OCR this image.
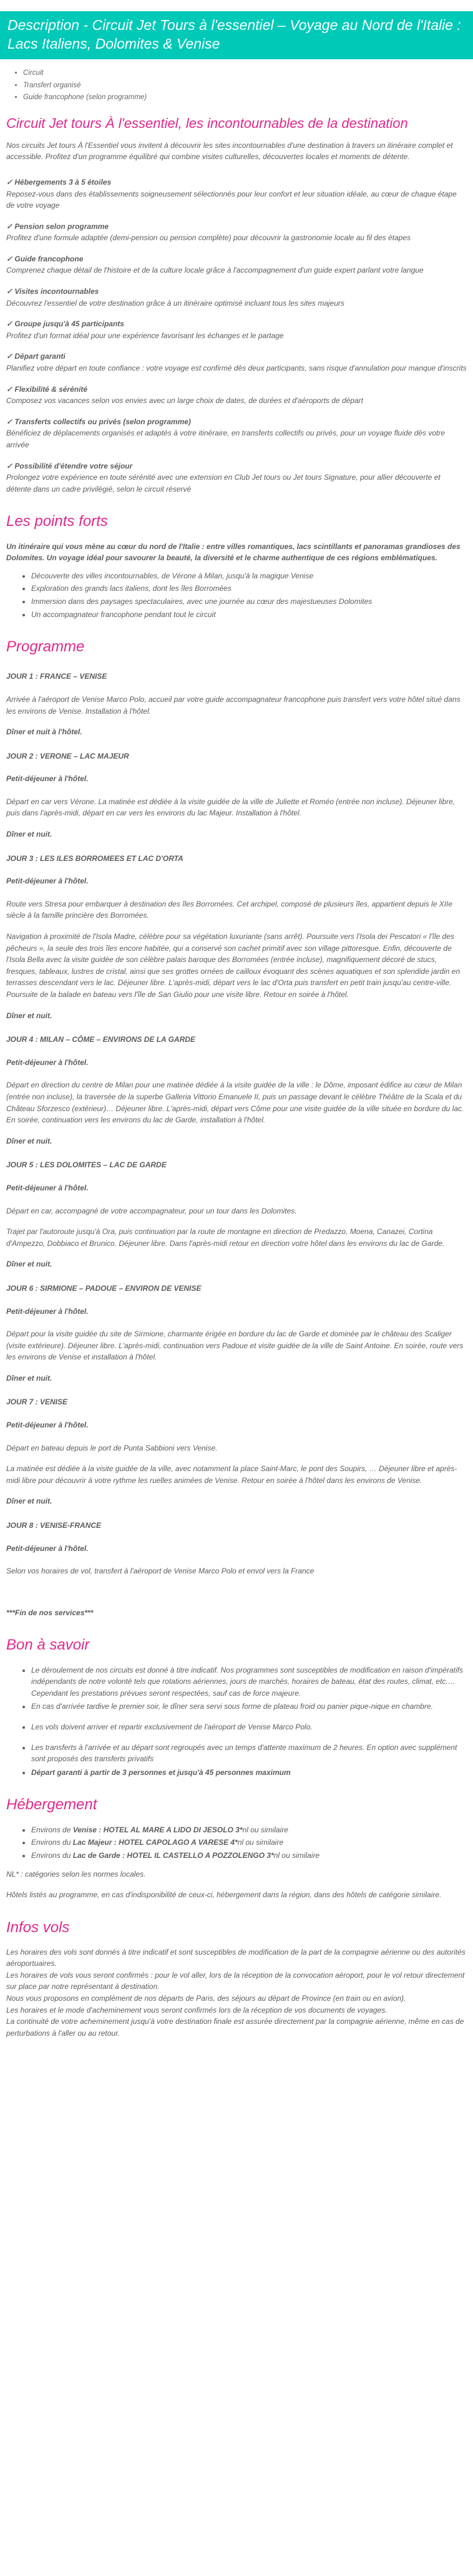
Description - Circuit Jet Tours à l'essentiel – Voyage au Nord de l'Italie : Lacs Italiens, Dolomites & Venise
• Circuit
• Transfert organisé
• Guide francophone (selon programme)
Circuit Jet tours À l'essentiel, les incontournables de la destination

Nos circuits Jet tours À l'Essentiel vous invitent à découvrir les sites incontournables d'une destination à travers un itinéraire complet et accessible. Profitez d'un programme équilibré qui combine visites culturelles, découvertes locales et moments de détente.

✓ Hébergements 3 à 5 étoiles
Reposez-vous dans des établissements soigneusement sélectionnés pour leur confort et leur situation idéale, au cœur de chaque étape de votre voyage
✓ Pension selon programme
Profitez d'une formule adaptée (demi-pension ou pension complète) pour découvrir la gastronomie locale au fil des étapes
✓ Guide francophone
Comprenez chaque détail de l'histoire et de la culture locale grâce à l'accompagnement d'un guide expert parlant votre langue
✓ Visites incontournables
Découvrez l'essentiel de votre destination grâce à un itinéraire optimisé incluant tous les sites majeurs
✓ Groupe jusqu'à 45 participants
Profitez d'un format idéal pour une expérience favorisant les échanges et le partage
✓ Départ garanti
Planifiez votre départ en toute confiance : votre voyage est confirmé dès deux participants, sans risque d'annulation pour manque d'inscrits
✓ Flexibilité & sérénité
Composez vos vacances selon vos envies avec un large choix de dates, de durées et d'aéroports de départ
✓ Transferts collectifs ou privés (selon programme)
Bénéficiez de déplacements organisés et adaptés à votre itinéraire, en transferts collectifs ou privés, pour un voyage fluide dès votre arrivée
✓ Possibilité d'étendre votre séjour
Prolongez votre expérience en toute sérénité avec une extension en Club Jet tours ou Jet tours Signature, pour allier découverte et détente dans un cadre privilégié, selon le circuit réservé
Les points forts
Un itinéraire qui vous mène au cœur du nord de l'Italie : entre villes romantiques, lacs scintillants et panoramas grandioses des Dolomites. Un voyage idéal pour savourer la beauté, la diversité et le charme authentique de ces régions emblématiques.
• Découverte des villes incontournables, de Vérone à Milan, jusqu'à la magique Venise
• Exploration des grands lacs italiens, dont les îles Borromées
• Immersion dans des paysages spectaculaires, avec une journée au cœur des majestueuses Dolomites
• Un accompagnateur francophone pendant tout le circuit
Programme
JOUR 1 : FRANCE – VENISE
Arrivée à l'aéroport de Venise Marco Polo, accueil par votre guide accompagnateur francophone puis transfert vers votre hôtel situé dans les environs de Venise. Installation à l'hôtel.
Dîner et nuit à l'hôtel.
JOUR 2 : VERONE – LAC MAJEUR
Petit-déjeuner à l'hôtel.
Départ en car vers Vérone. La matinée est dédiée à la visite guidée de la ville de Juliette et Roméo (entrée non incluse). Déjeuner libre, puis dans l'après-midi, départ en car vers les environs du lac Majeur. Installation à l'hôtel.
Dîner et nuit.
JOUR 3 : LES ILES BORROMEES ET LAC D'ORTA
Petit-déjeuner à l'hôtel.
Route vers Stresa pour embarquer à destination des îles Borromées. Cet archipel, composé de plusieurs îles, appartient depuis le XIIe siècle à la famille princière des Borromées.
Navigation à proximité de l'Isola Madre, célèbre pour sa végétation luxuriante (sans arrêt). Poursuite vers l'Isola dei Pescatori « l'île des pêcheurs », la seule des trois îles encore habitée, qui a conservé son cachet primitif avec son village pittoresque. Enfin, découverte de l'Isola Bella avec la visite guidée de son célèbre palais baroque des Borromées (entrée incluse), magnifiquement décoré de stucs, fresques, tableaux, lustres de cristal, ainsi que ses grottes ornées de cailloux évoquant des scènes aquatiques et son splendide jardin en terrasses descendant vers le lac. Déjeuner libre. L'après-midi, départ vers le lac d'Orta puis transfert en petit train jusqu'au centre-ville. Poursuite de la balade en bateau vers l'île de San Giulio pour une visite libre. Retour en soirée à l'hôtel.
Dîner et nuit.
JOUR 4 : MILAN – CÔME – ENVIRONS DE LA GARDE
Petit-déjeuner à l'hôtel.
Départ en direction du centre de Milan pour une matinée dédiée à la visite guidée de la ville : le Dôme, imposant édifice au cœur de Milan (entrée non incluse), la traversée de la superbe Galleria Vittorio Emanuele II, puis un passage devant le célèbre Théâtre de la Scala et du Château Sforzesco (extérieur)… Déjeuner libre. L'après-midi, départ vers Côme pour une visite guidée de la ville située en bordure du lac. En soirée, continuation vers les environs du lac de Garde, installation à l'hôtel.
Dîner et nuit.
JOUR 5 : LES DOLOMITES – LAC DE GARDE
Petit-déjeuner à l'hôtel.
Départ en car, accompagné de votre accompagnateur, pour un tour dans les Dolomites.
Trajet par l'autoroute jusqu'à Ora, puis continuation par la route de montagne en direction de Predazzo, Moena, Canazei, Cortina d'Ampezzo, Dobbiaco et Brunico. Déjeuner libre. Dans l'après-midi retour en direction votre hôtel dans les environs du lac de Garde.
Dîner et nuit.
JOUR 6 : SIRMIONE – PADOUE – ENVIRON DE VENISE
Petit-déjeuner à l'hôtel.
Départ pour la visite guidée du site de Sirmione, charmante érigée en bordure du lac de Garde et dominée par le château des Scaliger (visite extérieure). Déjeuner libre. L'après-midi, continuation vers Padoue et visite guidée de la ville de Saint Antoine. En soirée, route vers les environs de Venise et installation à l'hôtel.
Dîner et nuit.
JOUR 7 : VENISE
Petit-déjeuner à l'hôtel.
Départ en bateau depuis le port de Punta Sabbioni vers Venise.
La matinée est dédiée à la visite guidée de la ville, avec notamment la place Saint-Marc, le pont des Soupirs, … Déjeuner libre et après-midi libre pour découvrir à votre rythme les ruelles animées de Venise. Retour en soirée à l'hôtel dans les environs de Venise.
Dîner et nuit.
JOUR 8 : VENISE-FRANCE
Petit-déjeuner à l'hôtel.
Selon vos horaires de vol, transfert à l'aéroport de Venise Marco Polo et envol vers la France
***Fin de nos services***
Bon à savoir
• Le déroulement de nos circuits est donné à titre indicatif. Nos programmes sont susceptibles de modification en raison d'impératifs indépendants de notre volonté tels que rotations aériennes, jours de marchés, horaires de bateau, état des routes, climat, etc.… Cependant les prestations prévues seront respectées, sauf cas de force majeure.
• En cas d'arrivée tardive le premier soir, le dîner sera servi sous forme de plateau froid ou panier pique-nique en chambre.
• Les vols doivent arriver et repartir exclusivement de l'aéroport de Venise Marco Polo.
• Les transferts à l'arrivée et au départ sont regroupés avec un temps d'attente maximum de 2 heures. En option avec supplément sont proposés des transferts privatifs
• Départ garanti à partir de 3 personnes et jusqu'à 45 personnes maximum
Hébergement
• Environs de Venise : HOTEL AL MARE A LIDO DI JESOLO 3*nl ou similaire
• Environs du Lac Majeur : HOTEL CAPOLAGO A VARESE 4*nl ou similaire
• Environs du Lac de Garde : HOTEL IL CASTELLO A POZZOLENGO 3*nl ou similaire

NL* : catégories selon les normes locales.

Hôtels listés au programme, en cas d'indisponibilité de ceux-ci, hébergement dans la région, dans des hôtels de catégorie similaire.

Infos vols

Les horaires des vols sont donnés à titre indicatif et sont susceptibles de modification de la part de la compagnie aérienne ou des autorités aéroportuaires.

Les horaires de vols vous seront confirmés : pour le vol aller, lors de la réception de la convocation aéroport, pour le vol retour directement sur place par notre représentant à destination.

Nous vous proposons en complément de nos départs de Paris, des séjours au départ de Province (en train ou en avion).

Les horaires et le mode d'acheminement vous seront confirmés lors de la réception de vos documents de voyages.

La continuité de votre acheminement jusqu'à votre destination finale est assurée directement par la compagnie aérienne, même en cas de perturbations à l'aller ou au retour.
